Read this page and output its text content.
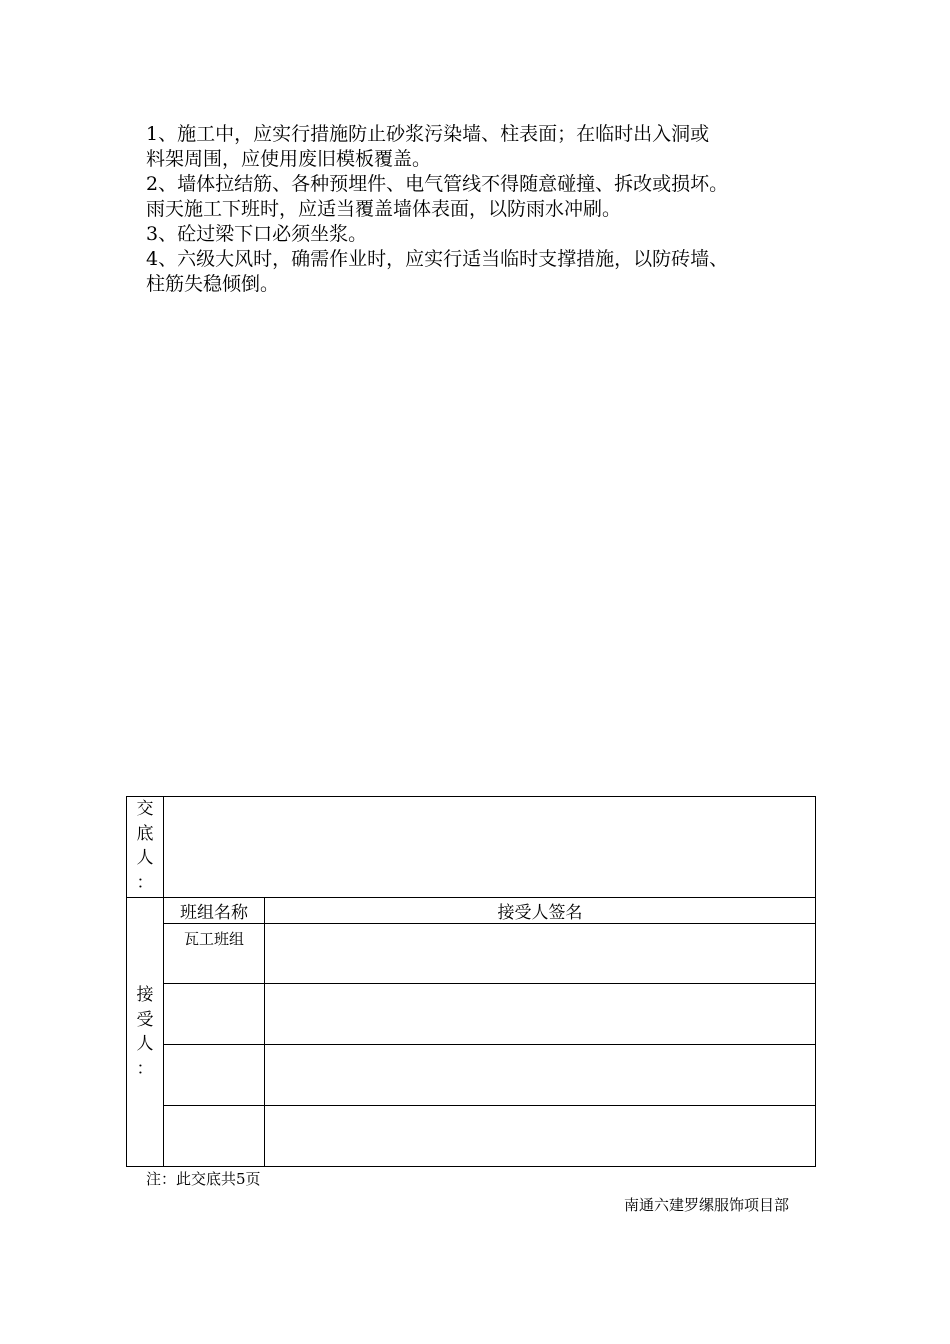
1、施工中，应实行措施防止砂浆污染墙、柱表面；在临时出入洞或

料架周围，应使用废旧模板覆盖。

2、墙体拉结筋、各种预埋件、电气管线不得随意碰撞、拆改或损坏。

雨天施工下班时，应适当覆盖墙体表面，以防雨水冲刷。

3、砼过梁下口必须坐浆。

4、六级大风时，确需作业时，应实行适当临时支撑措施，以防砖墙、

柱筋失稳倾倒。

交
底
人
：		

接
受
人
：	班组名称	接受人签名
	瓦工班组	

注：此交底共5页
南通六建罗缧服饰项目部
